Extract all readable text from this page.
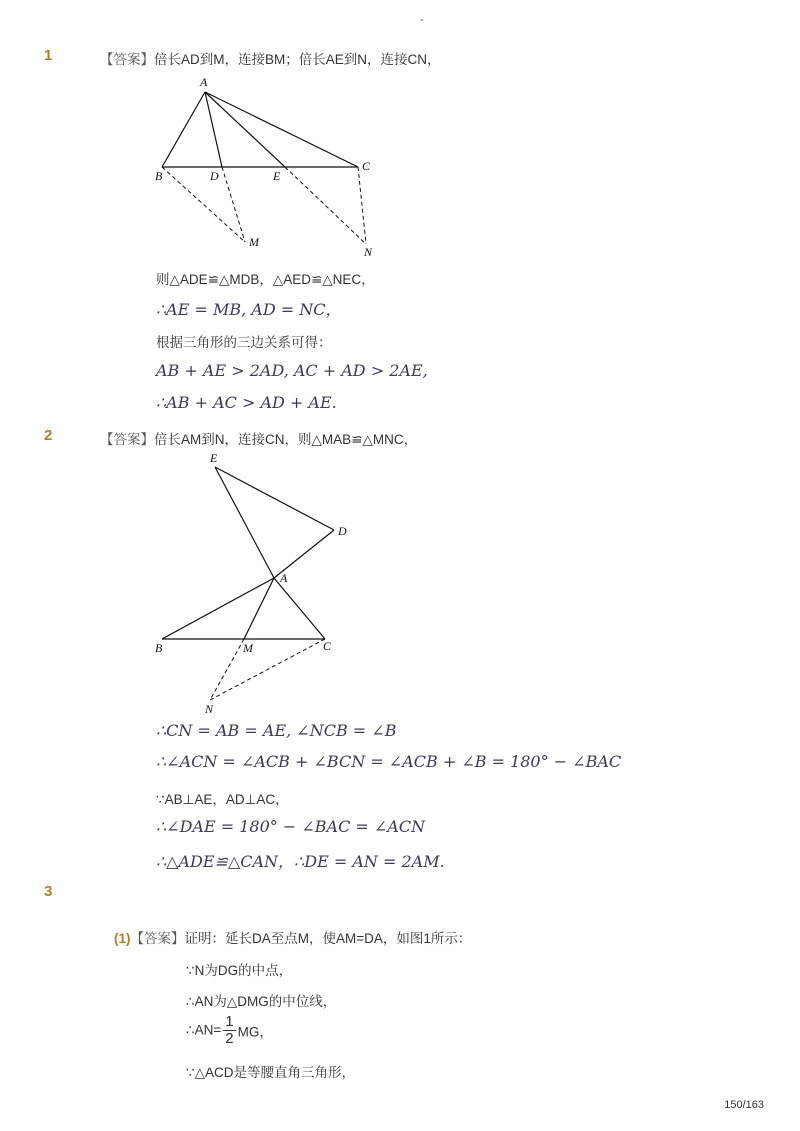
-
1	【答案】倍长AD到M，连接BM；倍长AE到N，连接CN，
A
B	D	E
C
M
N
则△ADE≌△MDB，△AED≌△NEC，
∴AE = MB, AD = NC，
根据三角形的三边关系可得：
AB + AE > 2AD, AC + AD > 2AE,
∴AB + AC > AD + AE.
2	【答案】倍长AM到N，连接CN，则△MAB≌△MNC，
E
D
A
B	M	C
N
∴CN = AB = AE, ∠NCB = ∠B
∴∠ACN = ∠ACB + ∠BCN = ∠ACB + ∠B = 180° − ∠BAC
∵AB⊥AE，AD⊥AC，
∴∠DAE = 180° − ∠BAC = ∠ACN
∴△ADE≌△CAN，∴DE = AN = 2AM.
3
(1)【答案】证明：延长DA至点M，使AM=DA，如图1所示：
∵N为DG的中点，
∴AN为△DMG的中位线，
∴AN= $\frac{1}{2}$ MG，
∵△ACD是等腰直角三角形，
150/163
